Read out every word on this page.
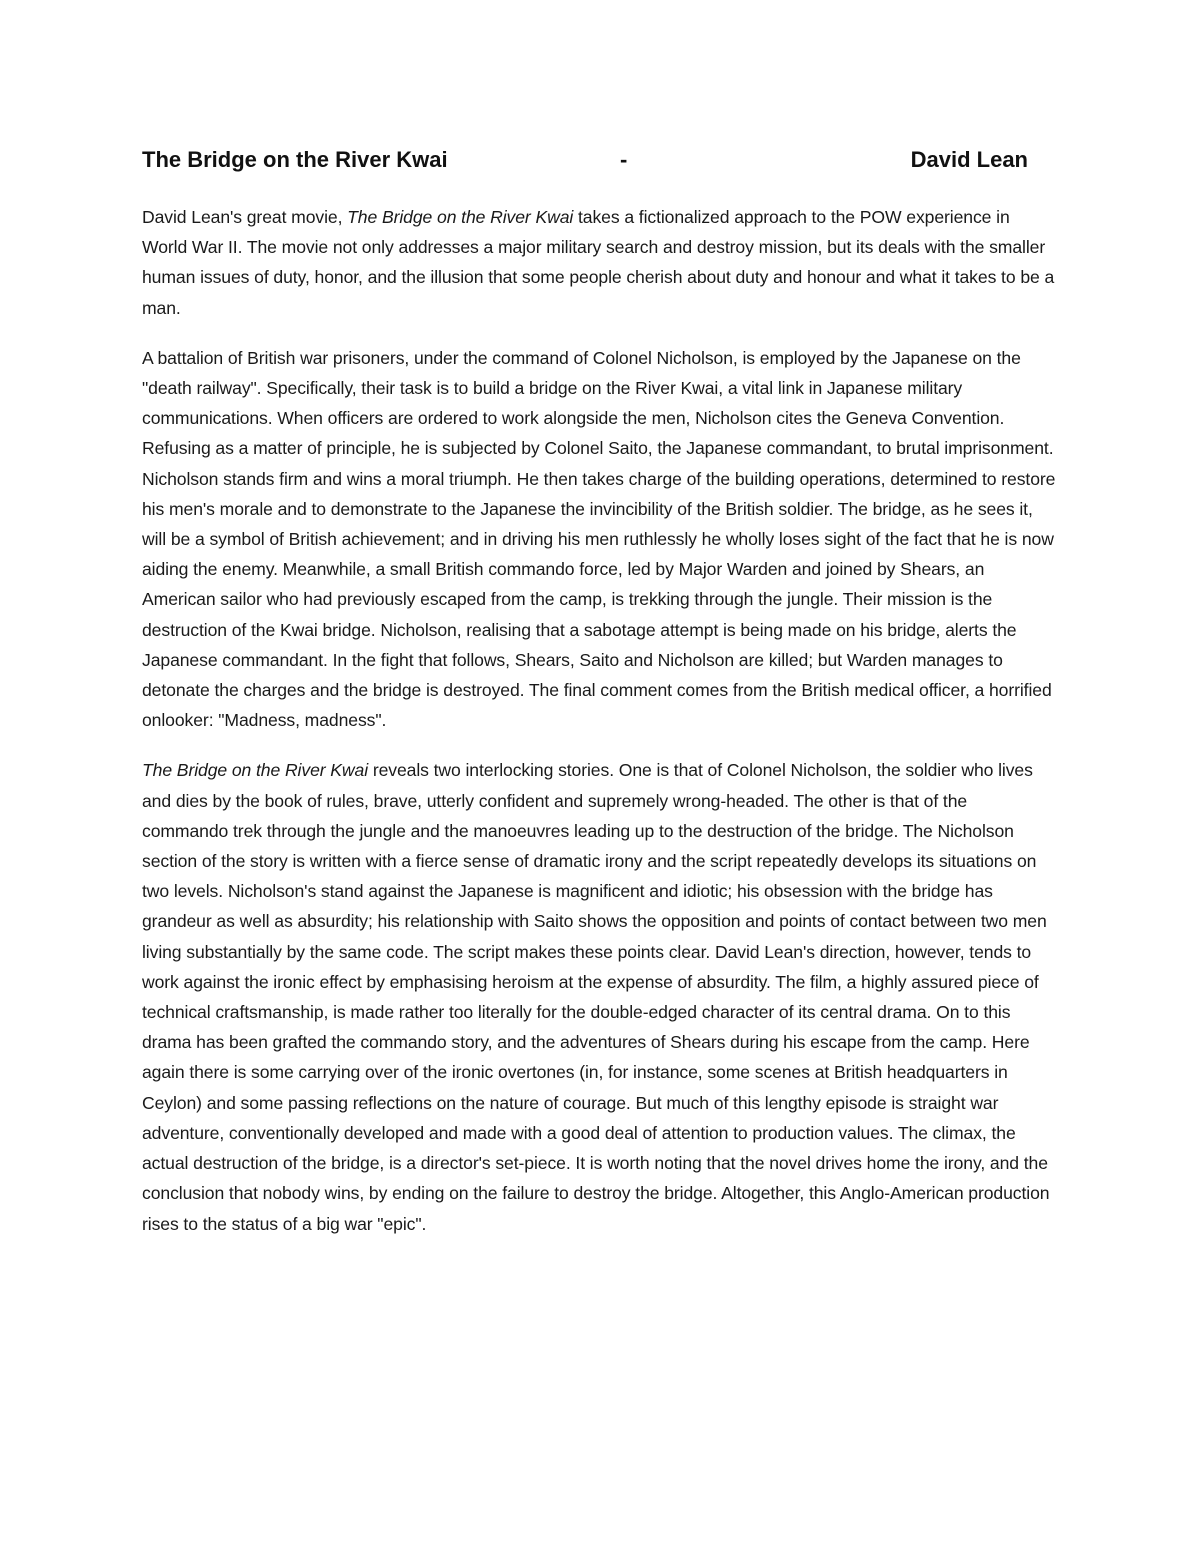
The Bridge on the River Kwai	-	David Lean

David Lean's great movie, The Bridge on the River Kwai takes a fictionalized approach to the POW experience in World War II. The movie not only addresses a major military search and destroy mission, but its deals with the smaller human issues of duty, honor, and the illusion that some people cherish about duty and honour and what it takes to be a man.

A battalion of British war prisoners, under the command of Colonel Nicholson, is employed by the Japanese on the "death railway". Specifically, their task is to build a bridge on the River Kwai, a vital link in Japanese military communications. When officers are ordered to work alongside the men, Nicholson cites the Geneva Convention. Refusing as a matter of principle, he is subjected by Colonel Saito, the Japanese commandant, to brutal imprisonment. Nicholson stands firm and wins a moral triumph. He then takes charge of the building operations, determined to restore his men's morale and to demonstrate to the Japanese the invincibility of the British soldier. The bridge, as he sees it, will be a symbol of British achievement; and in driving his men ruthlessly he wholly loses sight of the fact that he is now aiding the enemy. Meanwhile, a small British commando force, led by Major Warden and joined by Shears, an American sailor who had previously escaped from the camp, is trekking through the jungle. Their mission is the destruction of the Kwai bridge. Nicholson, realising that a sabotage attempt is being made on his bridge, alerts the Japanese commandant. In the fight that follows, Shears, Saito and Nicholson are killed; but Warden manages to detonate the charges and the bridge is destroyed. The final comment comes from the British medical officer, a horrified onlooker: "Madness, madness".

The Bridge on the River Kwai reveals two interlocking stories. One is that of Colonel Nicholson, the soldier who lives and dies by the book of rules, brave, utterly confident and supremely wrong-headed. The other is that of the commando trek through the jungle and the manoeuvres leading up to the destruction of the bridge. The Nicholson section of the story is written with a fierce sense of dramatic irony and the script repeatedly develops its situations on two levels. Nicholson's stand against the Japanese is magnificent and idiotic; his obsession with the bridge has grandeur as well as absurdity; his relationship with Saito shows the opposition and points of contact between two men living substantially by the same code. The script makes these points clear. David Lean's direction, however, tends to work against the ironic effect by emphasising heroism at the expense of absurdity. The film, a highly assured piece of technical craftsmanship, is made rather too literally for the double-edged character of its central drama. On to this drama has been grafted the commando story, and the adventures of Shears during his escape from the camp. Here again there is some carrying over of the ironic overtones (in, for instance, some scenes at British headquarters in Ceylon) and some passing reflections on the nature of courage. But much of this lengthy episode is straight war adventure, conventionally developed and made with a good deal of attention to production values. The climax, the actual destruction of the bridge, is a director's set-piece. It is worth noting that the novel drives home the irony, and the conclusion that nobody wins, by ending on the failure to destroy the bridge. Altogether, this Anglo-American production rises to the status of a big war "epic".
